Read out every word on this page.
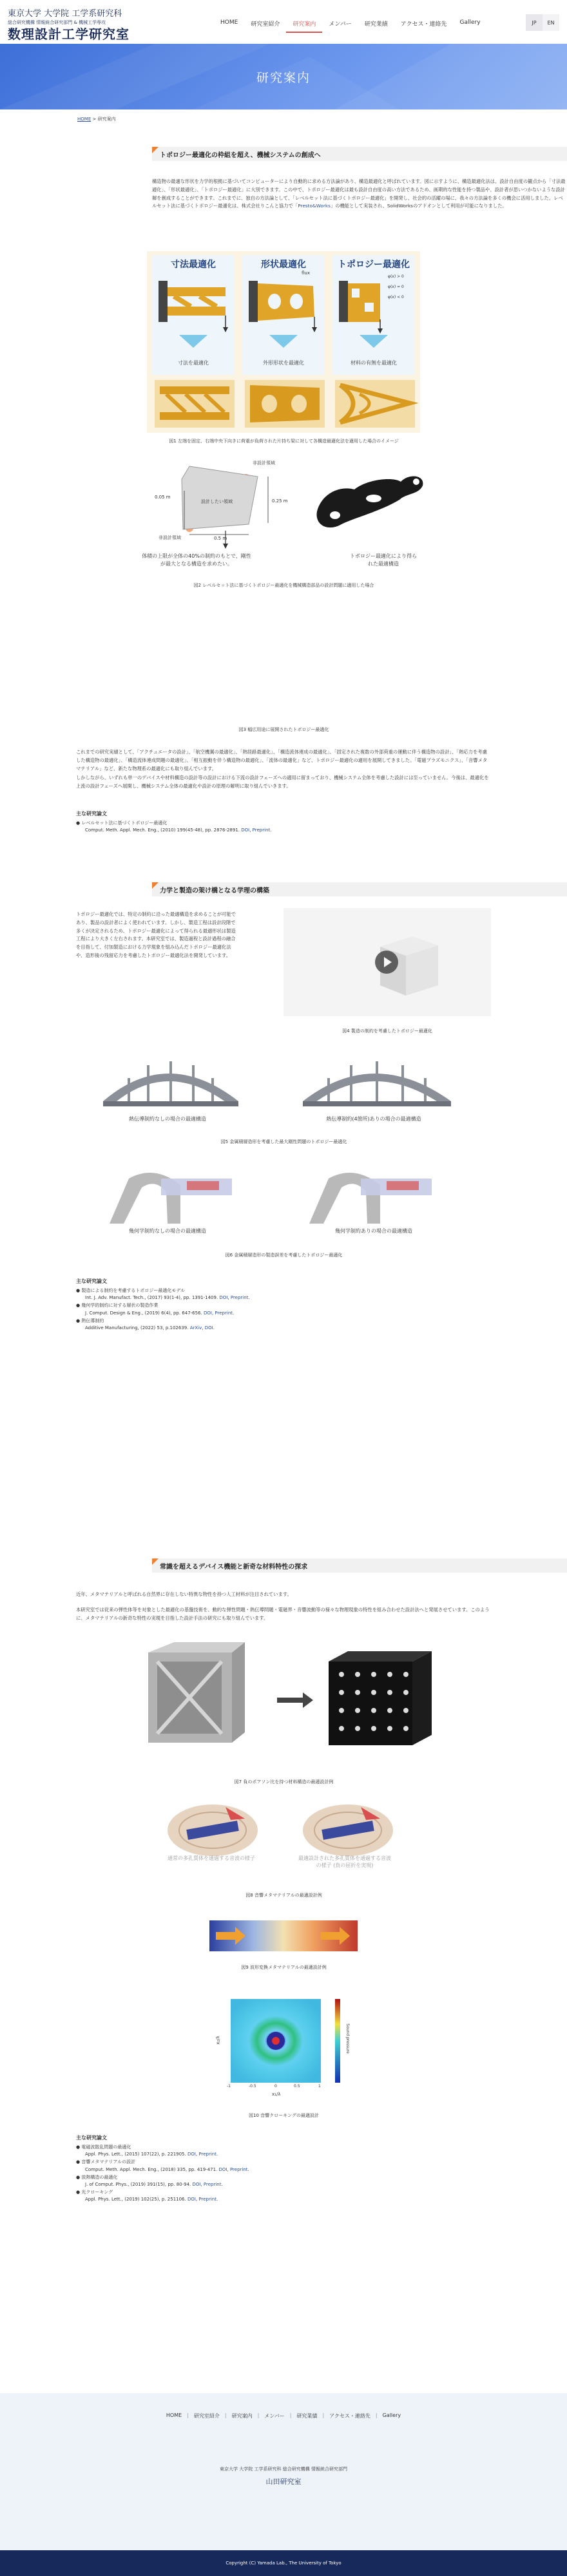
東京大学 大学院 工学系研究科
総合研究機構 情報統合研究部門 & 機械工学専攻
数理設計工学研究室
HOME	研究室紹介	研究案内	メンバー	研究業績	アクセス・連絡先	Gallery	JP	EN
研究案内
HOME > 研究案内
トポロジー最適化の枠組を超え、機械システムの創成へ
構造物の最適な形状を力学的根拠に基づいてコンピューターにより自動的に求める方法論があり、構造最適化と呼ばれています。図に示すように、構造最適化法は、設計自由度の観点から「寸法最適化」、「形状最適化」、「トポロジー最適化」に大別できます。この中で、トポロジー最適化は最も設計自由度の高い方法であるため、画期的な性能を持つ製品や、設計者が思いつかないような設計解を創成することができます。これまでに、独自の方法論として、「レベルセット法に基づくトポロジー最適化」を開発し、社会的の活躍の場に、我々の方法論を多くの機会に活用しました。レベルセット法に基づくトポロジー最適化は、株式会社りこんと協力で「Presto&Works」の機能として実装され、SolidWorksのアドオンとして利用が可能になりました。
寸法最適化
寸法を最適化
形状最適化
flux
外形形状を最適化
トポロジー最適化
φ(x) > 0
φ(x) = 0
φ(x) < 0
材料の有無を最適化
図1 左端を固定、右端中央下向きに荷重が負荷された片持ち梁に対して各構造最適化法を適用した場合のイメージ
非設計領域
設計したい領域
非設計領域
0.05 m
0.25 m
0.5 m
体積の上限が全体の40%の制約のもとで、剛性が最大となる構造を求めたい。
トポロジー最適化により得られた最適構造
図2 レベルセット法に基づくトポロジー最適化を機械構造部品の設計問題に適用した場合
図3 幅広用途に展開されたトポロジー最適化
これまでの研究実績として、「アクチュエータの設計」、「航空機翼の最適化」、「熱経路最適化」、「構造流体連成の最適化」、「固定された複数の外部荷重の運動に伴う構造物の設計」、「熱応力を考慮した構造物の最適化」、「構造流体連成問題の最適化」、「相互振動を伴う構造物の最適化」、「流体の最適化」など、トポロジー最適化の適用を展開してきました。「電磁プラズモニクス」、「音響メタマテリアル」など、新たな物理系の最適化にも取り組んでいます。
しかしながら、いずれも単一のデバイスや材料構造の設計等の設計における下流の設計フェーズへの適用に留まっており、機械システム全体を考慮した設計には至っていません。今後は、最適化を上流の設計フェーズへ展開し、機械システム全体の最適化や設計の原理の解明に取り組んでいきます。
主な研究論文
● レベルセット法に基づくトポロジー最適化
Comput. Meth. Appl. Mech. Eng., (2010) 199(45-48), pp. 2876-2891. DOI, Preprint.
力学と製造の架け橋となる学理の構築
トポロジー最適化では、特定の制約に沿った最適構造を求めることが可能であり、製品の設計者によく使われています。しかし、製造工程は設計段階で多くが決定されるため、トポロジー最適化によって得られる最適形状は製造工程により大きく左右されます。本研究室では、製造過程と設計過程の融合を目指して、付加製造における力学現象を組み込んだトポロジー最適化法や、造形後の残留応力を考慮したトポロジー最適化法を開発しています。
図4 製造の制約を考慮したトポロジー最適化
熱伝導制約なしの場合の最適構造	熱伝導制約(4箇所)ありの場合の最適構造
図5 金属積層造形を考慮した最大剛性問題のトポロジー最適化
幾何学制約なしの場合の最適構造	幾何学制約ありの場合の最適構造
図6 金属積層造形の製造誤差を考慮したトポロジー最適化
主な研究論文
● 製造による制約を考慮するトポロジー最適化モデル
Int. J. Adv. Manufact. Tech., (2017) 93(1-4), pp. 1391-1409. DOI, Preprint.
● 幾何学的制約に対する層状の製造作業
J. Comput. Design & Eng., (2019) 6(4), pp. 647-656. DOI, Preprint.
● 熱伝導制約
Additive Manufacturing, (2022) 53, p.102639. ArXiv, DOI.
常識を超えるデバイス機能と新奇な材料特性の探求
近年、メタマテリアルと呼ばれる自然界に存在しない特異な物性を持つ人工材料が注目されています。
本研究室では従来の弾性体等を対象とした最適化の基盤技術を、動的な弾性問題・熱伝導問題・電磁界・音響波動等の様々な物理現象の特性を組み合わせた設計法へと発展させています。このように、メタマテリアルの新奇な特性の実現を目指した設計手法の研究にも取り組んでいます。
図7 負のポアソン比を持つ材料構造の最適設計例
通常の多孔質体を通過する音波の様子	最適設計された多孔質体を通過する音波の様子 (負の屈折を実現)
図8 音響メタマテリアルの最適設計例
図9 波形変換メタマテリアルの最適設計例
x₂/λ
x₁/λ
Sound pressure
-1	-0.5	0	0.5	1
図10 音響クローキングの最適設計
主な研究論文
● 電磁波散乱問題の最適化
Appl. Phys. Lett., (2015) 107(22), p. 221905. DOI, Preprint.
● 音響メタマテリアルの設計
Comput. Meth. Appl. Mech. Eng., (2018) 335, pp. 419-471. DOI, Preprint.
● 放熱構造の最適化
J. of Comput. Phys., (2019) 391(15), pp. 80-94. DOI, Preprint.
● 光クローキング
Appl. Phys. Lett., (2019) 102(25), p. 251106. DOI, Preprint.
HOME	|	研究室紹介	|	研究案内	|	メンバー	|	研究業績	|	アクセス・連絡先	|	Gallery
東京大学 大学院 工学系研究科 総合研究機構 情報統合研究部門
山田研究室
Copyright (C) Yamada Lab., The University of Tokyo
